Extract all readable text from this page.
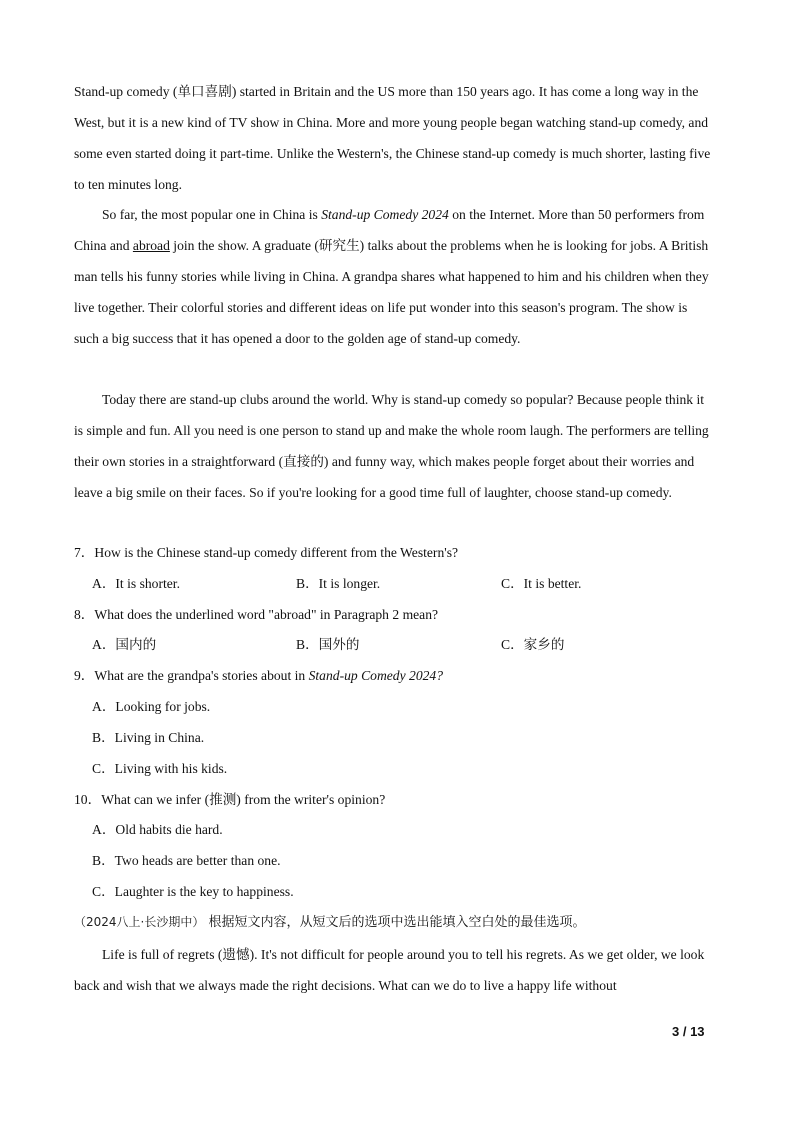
Stand-up comedy (单口喜剧) started in Britain and the US more than 150 years ago. It has come a long way in the West, but it is a new kind of TV show in China. More and more young people began watching stand-up comedy, and some even started doing it part-time. Unlike the Western's, the Chinese stand-up comedy is much shorter, lasting five to ten minutes long.

So far, the most popular one in China is Stand-up Comedy 2024 on the Internet. More than 50 performers from China and abroad join the show. A graduate (研究生) talks about the problems when he is looking for jobs. A British man tells his funny stories while living in China. A grandpa shares what happened to him and his children when they live together. Their colorful stories and different ideas on life put wonder into this season's program. The show is such a big success that it has opened a door to the golden age of stand-up comedy.

Today there are stand-up clubs around the world. Why is stand-up comedy so popular? Because people think it is simple and fun. All you need is one person to stand up and make the whole room laugh. The performers are telling their own stories in a straightforward (直接的) and funny way, which makes people forget about their worries and leave a big smile on their faces. So if you're looking for a good time full of laughter, choose stand-up comedy.

7．How is the Chinese stand-up comedy different from the Western's?

A．It is shorter.	B．It is longer.	C．It is better.

8．What does the underlined word "abroad" in Paragraph 2 mean?

A．国内的	B．国外的	C．家乡的

9．What are the grandpa's stories about in Stand-up Comedy 2024?

A．Looking for jobs.

B．Living in China.

C．Living with his kids.

10．What can we infer (推测) from the writer's opinion?

A．Old habits die hard.

B．Two heads are better than one.

C．Laughter is the key to happiness.

（2024八上·长沙期中） 根据短文内容，从短文后的选项中选出能填入空白处的最佳选项。

Life is full of regrets (遗憾). It's not difficult for people around you to tell his regrets. As we get older, we look back and wish that we always made the right decisions. What can we do to live a happy life without

3 / 13
